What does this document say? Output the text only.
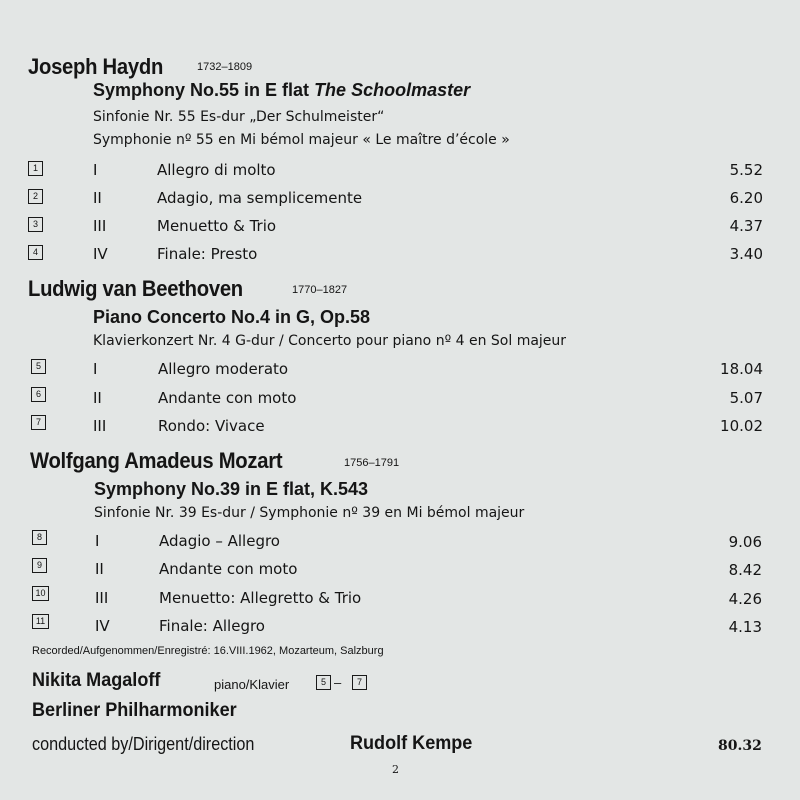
Joseph Haydn	1732–1809
Symphony No.55 in E flat The Schoolmaster
Sinfonie Nr. 55 Es-dur „Der Schulmeister“
Symphonie nº 55 en Mi bémol majeur « Le maître d’école »
1	I	Allegro di molto	5.52
2	II	Adagio, ma semplicemente	6.20
3	III	Menuetto & Trio	4.37
4	IV	Finale: Presto	3.40
Ludwig van Beethoven	1770–1827
Piano Concerto No.4 in G, Op.58
Klavierkonzert Nr. 4 G-dur / Concerto pour piano nº 4 en Sol majeur
5	I	Allegro moderato	18.04
6	II	Andante con moto	5.07
7	III	Rondo: Vivace	10.02
Wolfgang Amadeus Mozart	1756–1791
Symphony No.39 in E flat, K.543
Sinfonie Nr. 39 Es-dur / Symphonie nº 39 en Mi bémol majeur
8	I	Adagio – Allegro	9.06
9	II	Andante con moto	8.42
10	III	Menuetto: Allegretto & Trio	4.26
11	IV	Finale: Allegro	4.13
Recorded/Aufgenommen/Enregistré: 16.VIII.1962, Mozarteum, Salzburg
Nikita Magaloff	piano/Klavier	5 –	7
Berliner Philharmoniker
conducted by/Dirigent/direction	Rudolf Kempe	80.32
2
